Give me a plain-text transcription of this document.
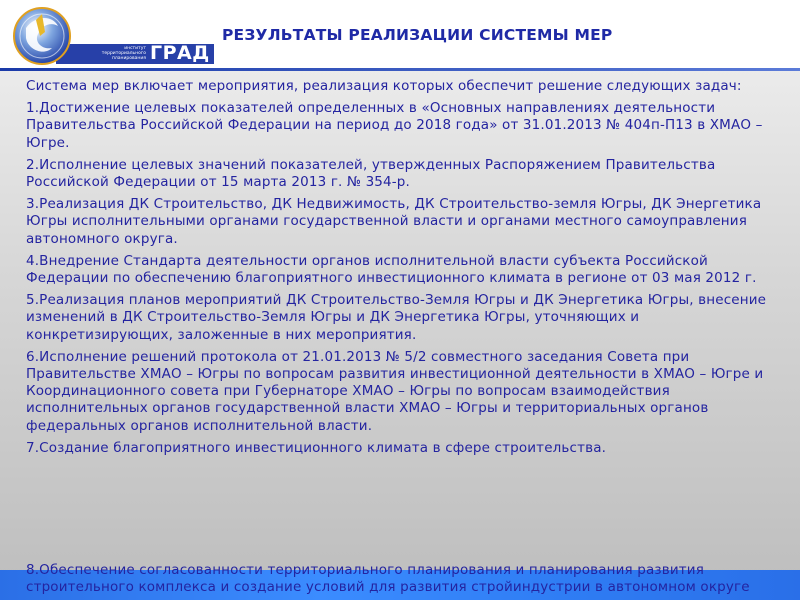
институт
территориального
планирования ГРАД
РЕЗУЛЬТАТЫ РЕАЛИЗАЦИИ СИСТЕМЫ МЕР

Система мер включает мероприятия, реализация которых обеспечит решение следующих задач:

1.Достижение целевых показателей определенных в «Основных направлениях деятельности Правительства Российской Федерации на период до 2018 года» от 31.01.2013 № 404п-П13 в ХМАО – Югре.

2.Исполнение целевых значений показателей, утвержденных Распоряжением Правительства Российской Федерации от 15 марта 2013 г. № 354-р.

3.Реализация ДК Строительство, ДК Недвижимость, ДК Строительство-земля Югры, ДК Энергетика Югры исполнительными органами государственной власти и органами местного самоуправления автономного округа.

4.Внедрение Стандарта деятельности органов исполнительной власти субъекта Российской Федерации по обеспечению благоприятного инвестиционного климата в регионе от 03 мая 2012 г.

5.Реализация планов мероприятий ДК Строительство-Земля Югры и ДК Энергетика Югры, внесение изменений в ДК Строительство-Земля Югры и ДК Энергетика Югры, уточняющих и конкретизирующих, заложенные в них мероприятия.

6.Исполнение решений протокола от 21.01.2013 № 5/2 совместного заседания Совета при Правительстве ХМАО – Югры по вопросам развития инвестиционной деятельности в ХМАО – Югре и Координационного совета при Губернаторе ХМАО – Югры по вопросам взаимодействия исполнительных органов государственной власти ХМАО – Югры и территориальных органов федеральных органов исполнительной власти.

7.Создание благоприятного инвестиционного климата в сфере строительства.

8.Обеспечение согласованности территориального планирования и планирования развития строительного комплекса и создание условий для развития стройиндустрии в автономном округе
